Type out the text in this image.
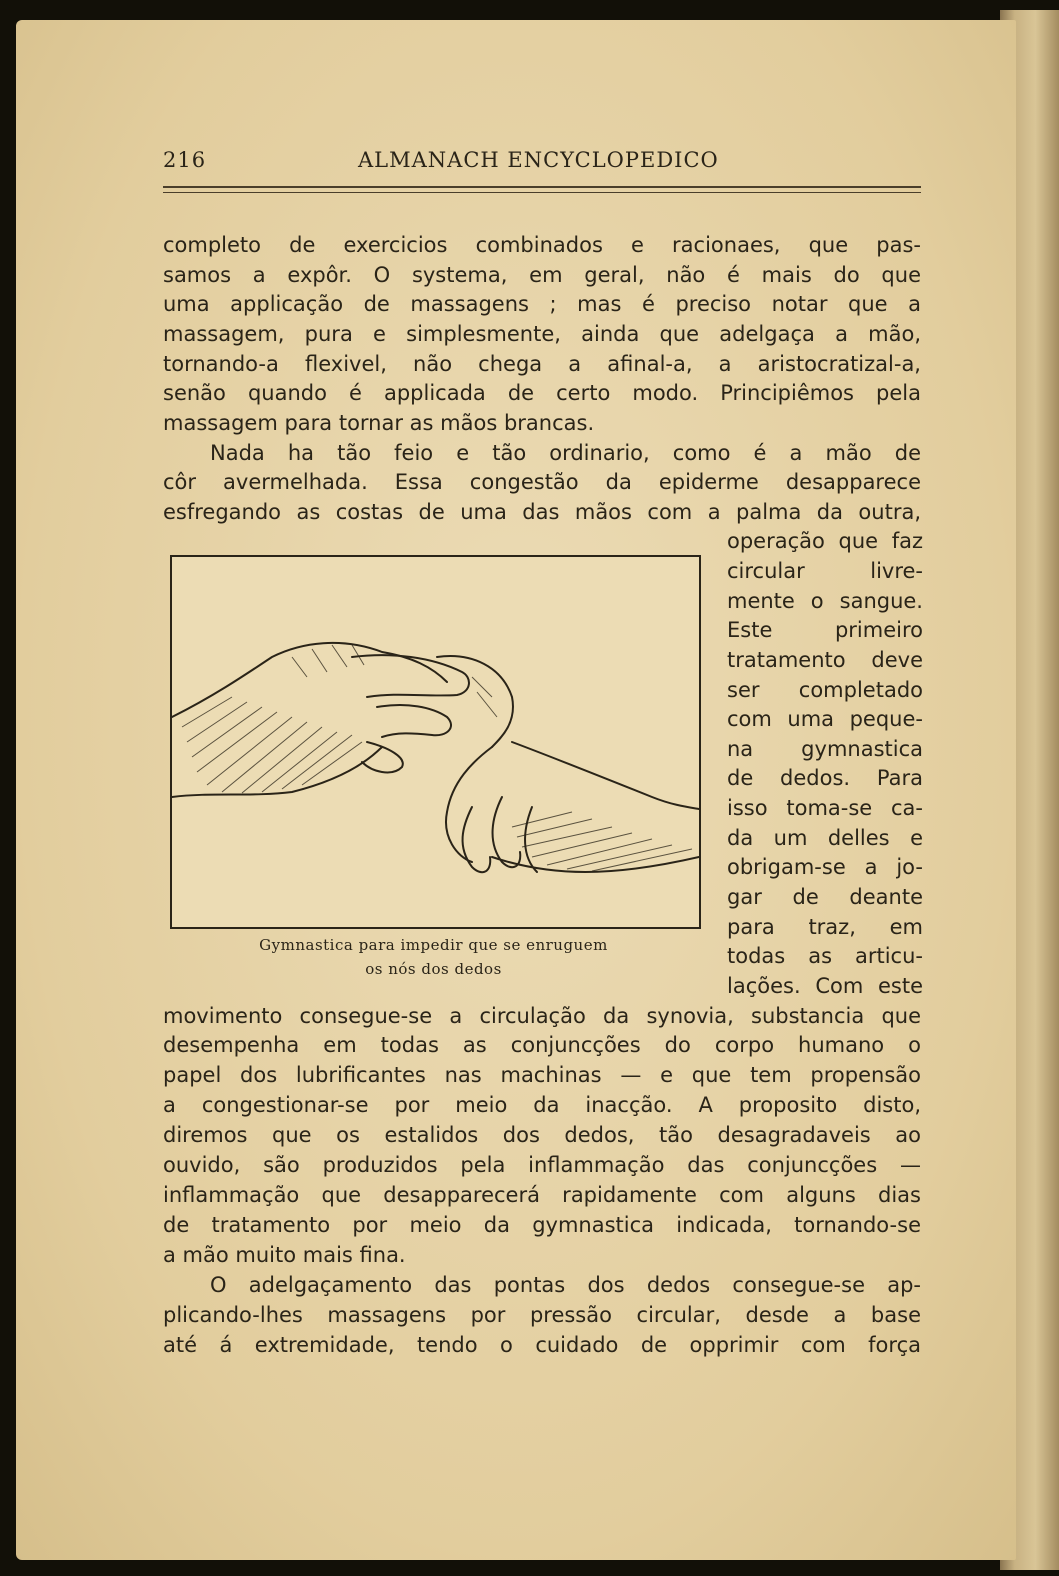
216	ALMANACH ENCYCLOPEDICO
completo de exercicios combinados e racionaes, que pas-
samos a expôr. O systema, em geral, não é mais do que
uma applicação de massagens ; mas é preciso notar que a
massagem, pura e simplesmente, ainda que adelgaça a mão,
tornando-a flexivel, não chega a afinal-a, a aristocratizal-a,
senão quando é applicada de certo modo. Principiêmos pela
massagem para tornar as mãos brancas.
Nada ha tão feio e tão ordinario, como é a mão de
côr avermelhada. Essa congestão da epiderme desapparece
esfregando as costas de uma das mãos com a palma da outra,
operação que faz
circular livre-
mente o sangue.
Este primeiro
tratamento deve
ser completado
com uma peque-
na gymnastica
de dedos. Para
isso toma-se ca-
da um delles e
obrigam-se a jo-
gar de deante
para traz, em
todas as articu-
lações. Com este
movimento consegue-se a circulação da synovia, substancia que
desempenha em todas as conjuncções do corpo humano o
papel dos lubrificantes nas machinas — e que tem propensão
a congestionar-se por meio da inacção. A proposito disto,
diremos que os estalidos dos dedos, tão desagradaveis ao
ouvido, são produzidos pela inflammação das conjuncções —
inflammação que desapparecerá rapidamente com alguns dias
de tratamento por meio da gymnastica indicada, tornando-se
a mão muito mais fina.
O adelgaçamento das pontas dos dedos consegue-se ap-
plicando-lhes massagens por pressão circular, desde a base
até á extremidade, tendo o cuidado de opprimir com força
Gymnastica para impedir que se enruguem
os nós dos dedos
